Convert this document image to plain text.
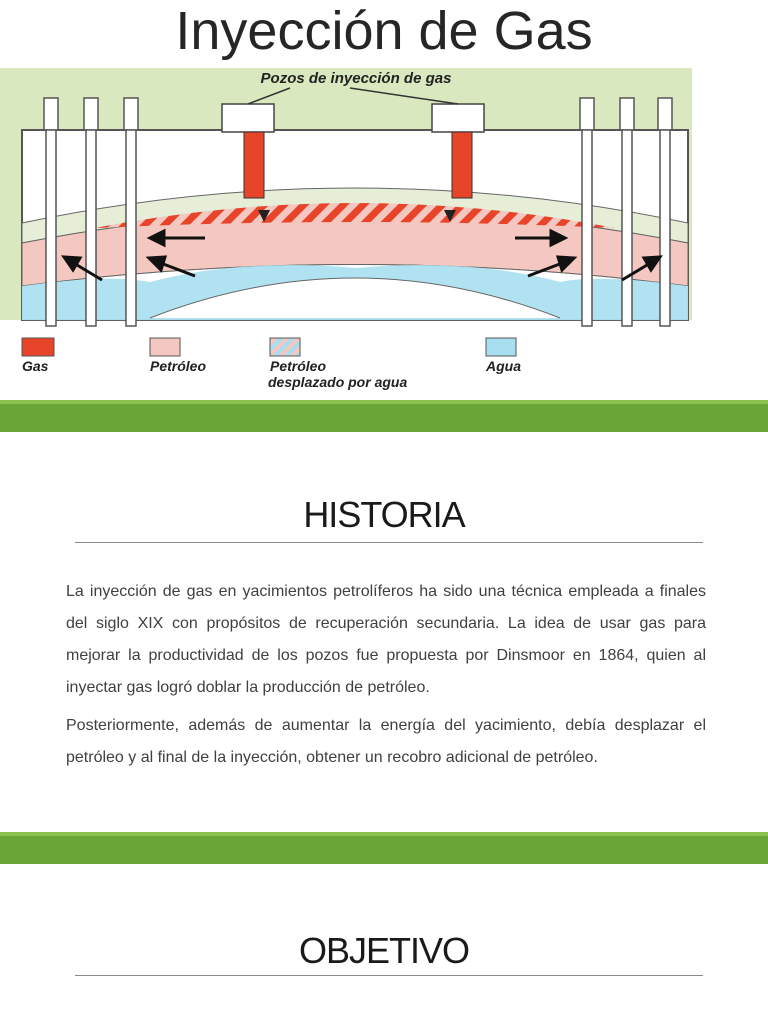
Inyección de Gas
Pozos de inyección de gas
Gas	Petróleo	Petróleo
desplazado por agua
Agua
HISTORIA

La inyección de gas en yacimientos petrolíferos ha sido una técnica empleada a finales del siglo XIX con propósitos de recuperación secundaria. La idea de usar gas para mejorar la productividad de los pozos fue propuesta por Dinsmoor en 1864, quien al inyectar gas logró doblar la producción de petróleo.

Posteriormente, además de aumentar la energía del yacimiento, debía desplazar el petróleo y al final de la inyección, obtener un recobro adicional de petróleo.

OBJETIVO
